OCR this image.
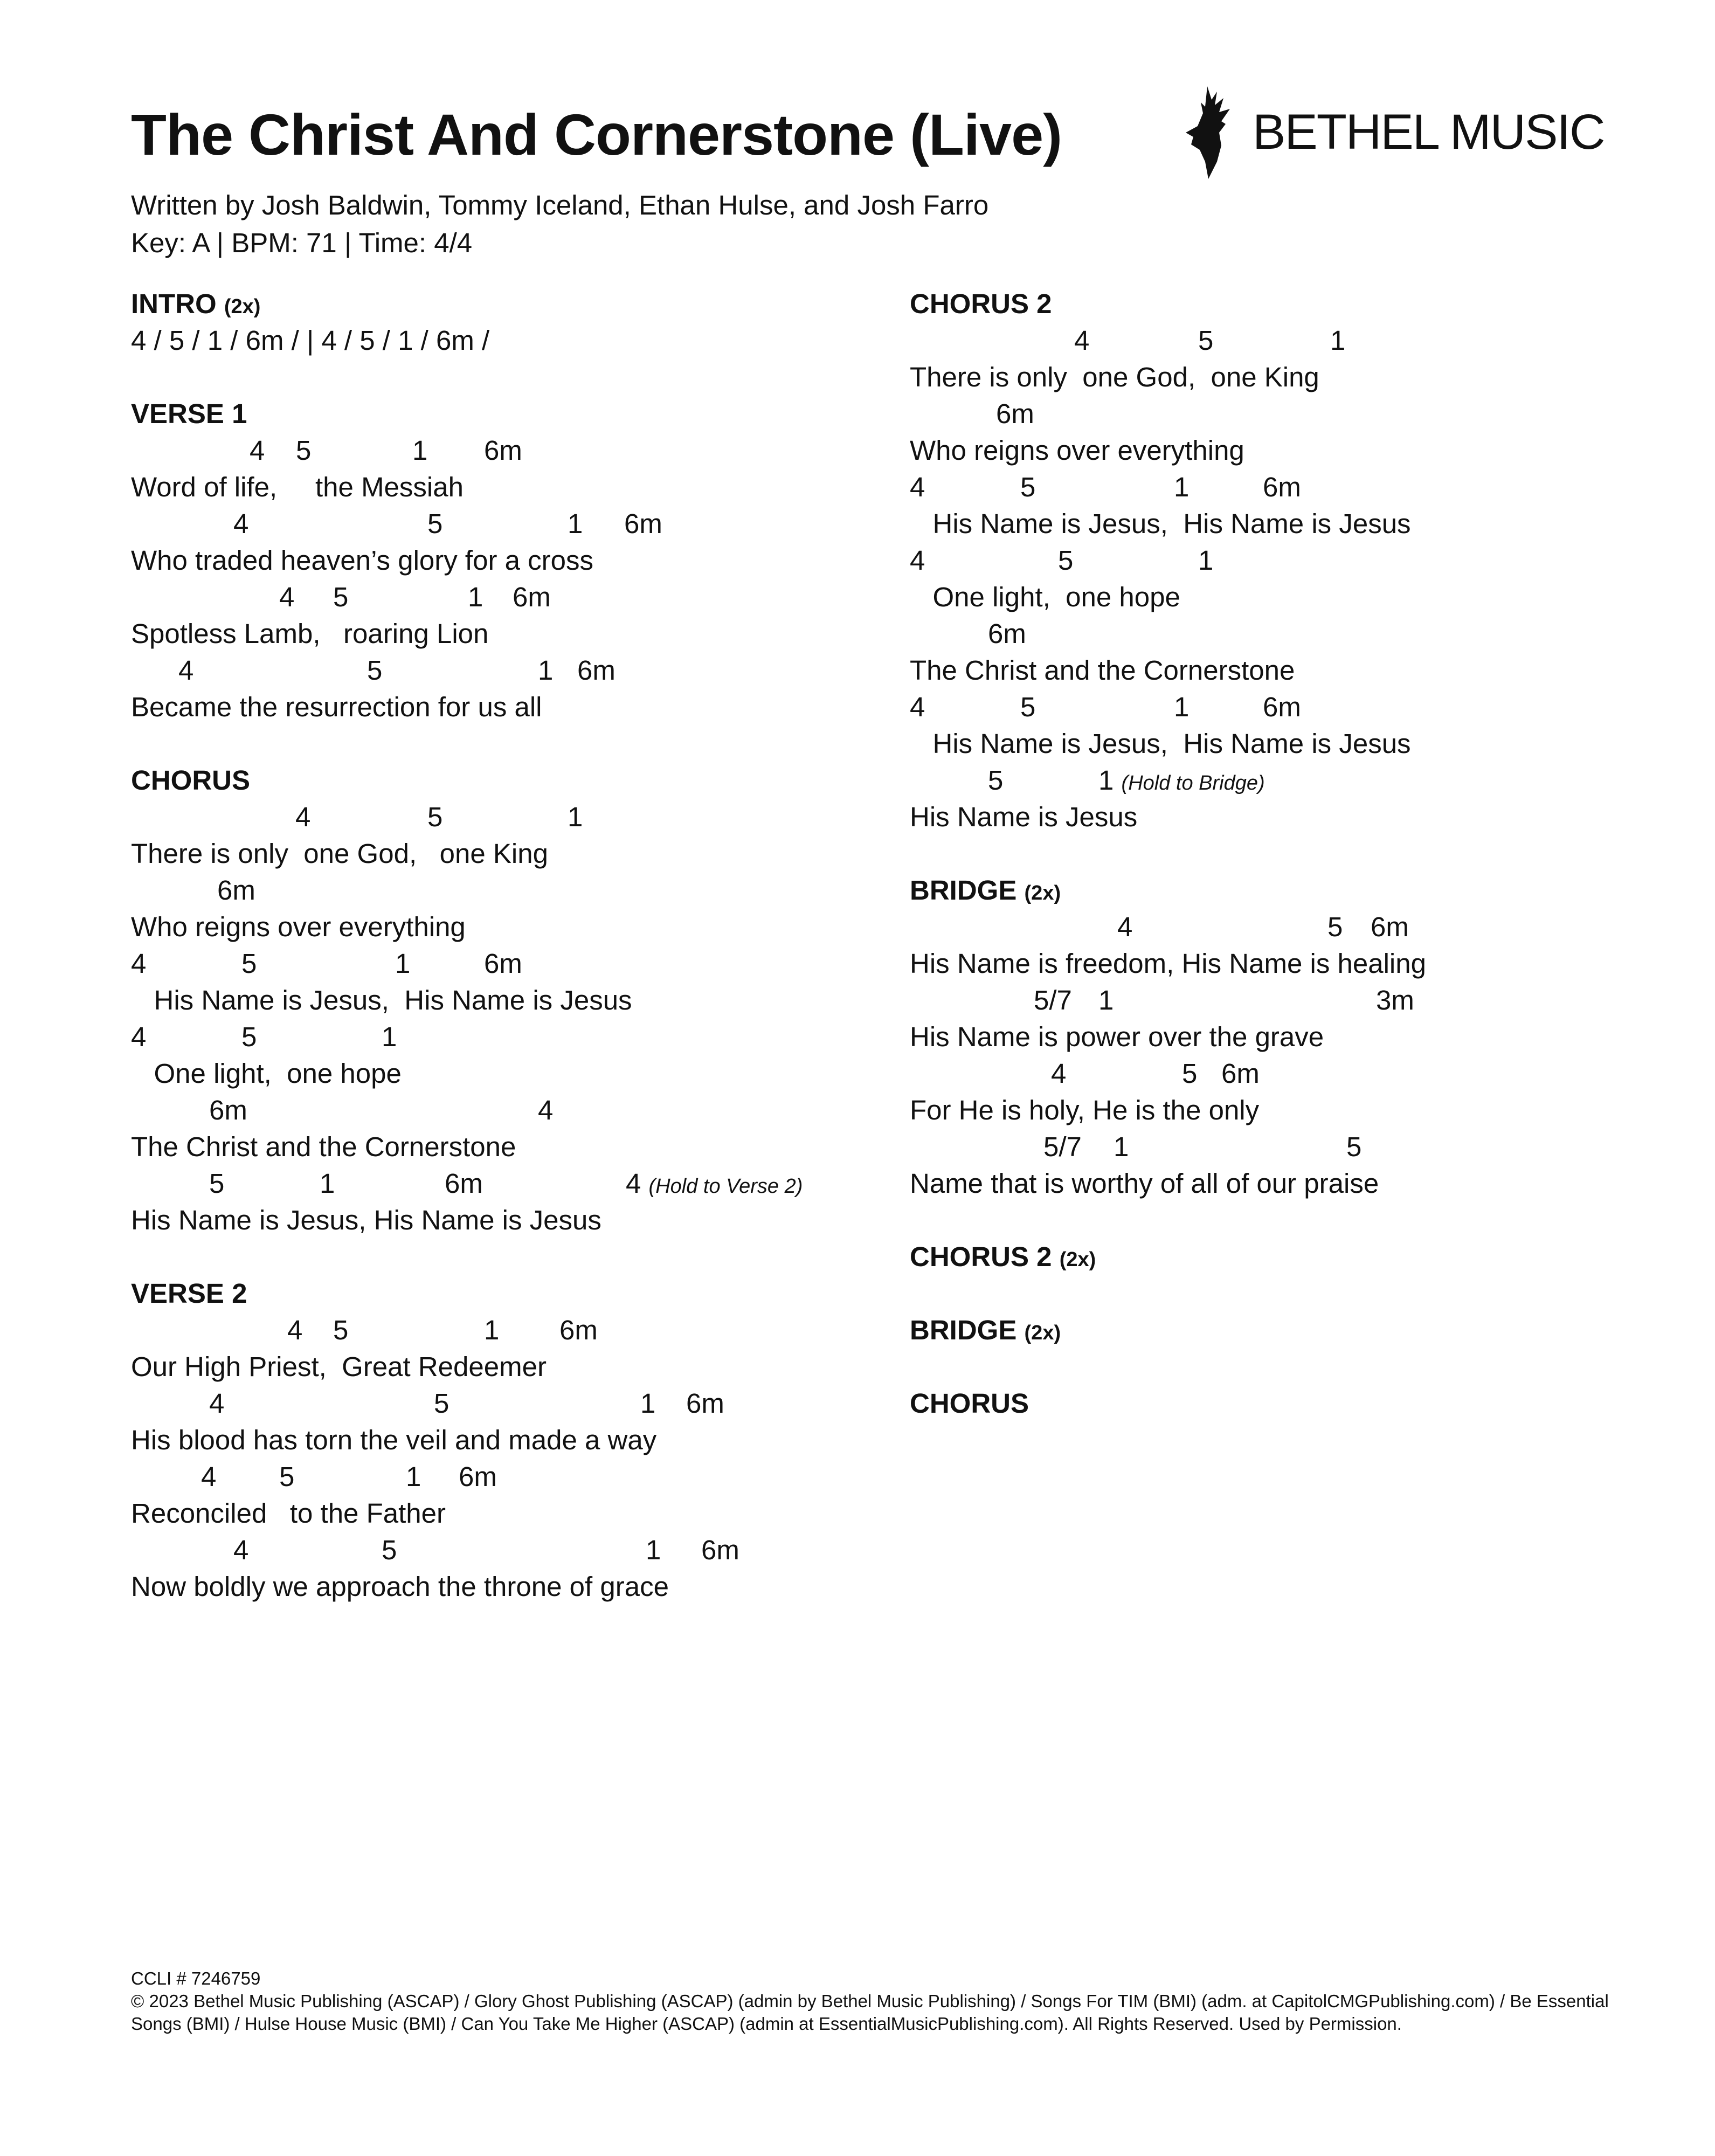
The Christ And Cornerstone (Live)	BETHEL MUSIC
Written by Josh Baldwin, Tommy Iceland, Ethan Hulse, and Josh Farro
Key: A | BPM: 71 | Time: 4/4
INTRO (2x)
4 / 5 / 1 / 6m / | 4 / 5 / 1 / 6m /
VERSE 1
4 5	1 6m
Word of life,     the Messiah
4	5	1 6m
Who traded heaven’s glory for a cross
4 5	1 6m
Spotless Lamb,   roaring Lion
4	5	1 6m
Became the resurrection for us all
CHORUS
4	5	1
There is only  one God,   one King
6m
Who reigns over everything
4	5	1	6m
His Name is Jesus,  His Name is Jesus
4	5	1
One light,  one hope
6m	4
The Christ and the Cornerstone
5	1	6m	4 (Hold to Verse 2)
His Name is Jesus, His Name is Jesus
VERSE 2
4 5	1 6m
Our High Priest,  Great Redeemer
4	5	1 6m
His blood has torn the veil and made a way
4 5	1 6m
Reconciled   to the Father
4	5	1 6m
Now boldly we approach the throne of grace
CHORUS 2
4	5	1
There is only  one God,  one King
6m
Who reigns over everything
4	5	1	6m
His Name is Jesus,  His Name is Jesus
4	5	1
One light,  one hope
6m
The Christ and the Cornerstone
4	5	1	6m
His Name is Jesus,  His Name is Jesus
5	1 (Hold to Bridge)
His Name is Jesus
BRIDGE (2x)
4	5 6m
His Name is freedom, His Name is healing
5/7 1	3m
His Name is power over the grave
4	5 6m
For He is holy, He is the only
5/7 1	5
Name that is worthy of all of our praise
CHORUS 2 (2x)
BRIDGE (2x)
CHORUS
CCLI # 7246759
© 2023 Bethel Music Publishing (ASCAP) / Glory Ghost Publishing (ASCAP) (admin by Bethel Music Publishing) / Songs For TIM (BMI) (adm. at CapitolCMGPublishing.com) / Be Essential Songs (BMI) / Hulse House Music (BMI) / Can You Take Me Higher (ASCAP) (admin at EssentialMusicPublishing.com). All Rights Reserved. Used by Permission.
